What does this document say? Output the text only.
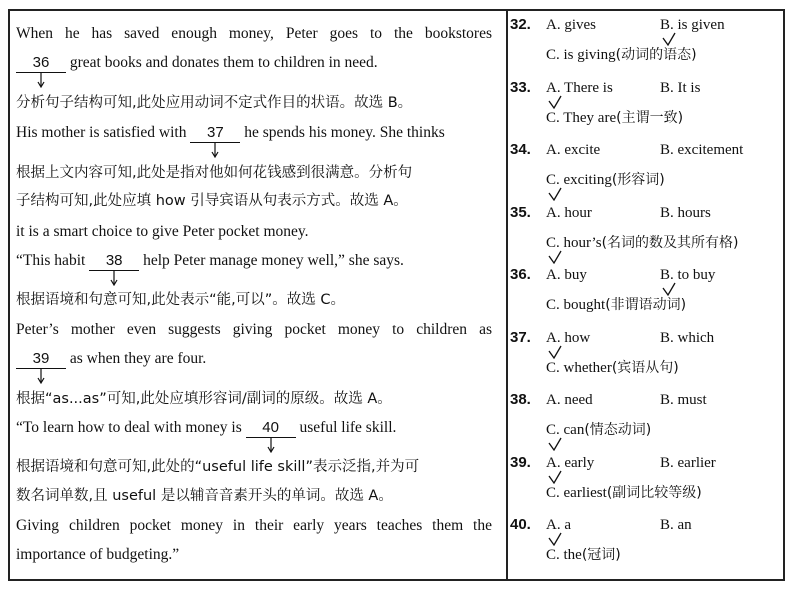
When he has saved enough money, Peter goes to the bookstores
36 great books and donates them to children in need.
分析句子结构可知,此处应用动词不定式作目的状语。故选 B。
His mother is satisfied with 37 he spends his money. She thinks
根据上文内容可知,此处是指对他如何花钱感到很满意。分析句
子结构可知,此处应填 how 引导宾语从句表示方式。故选 A。
it is a smart choice to give Peter pocket money.
“This habit 38 help Peter manage money well,” she says.
根据语境和句意可知,此处表示“能,可以”。故选 C。
Peter’s mother even suggests giving pocket money to children as
39 as when they are four.
根据“as...as”可知,此处应填形容词/副词的原级。故选 A。
“To learn how to deal with money is 40 useful life skill.
根据语境和句意可知,此处的“useful life skill”表示泛指,并为可
数名词单数,且 useful 是以辅音音素开头的单词。故选 A。
Giving children pocket money in their early years teaches them the
importance of budgeting.”
32. A. gives	B. is given
C. is giving(动词的语态)
33. A. There is	B. It is
C. They are(主谓一致)
34. A. excite	B. excitement
C. exciting(形容词)
35. A. hour	B. hours
C. hour’s(名词的数及其所有格)
36. A. buy	B. to buy
C. bought(非谓语动词)
37. A. how	B. which
C. whether(宾语从句)
38. A. need	B. must
C. can(情态动词)
39. A. early	B. earlier
C. earliest(副词比较等级)
40. A. a	B. an
C. the(冠词)
